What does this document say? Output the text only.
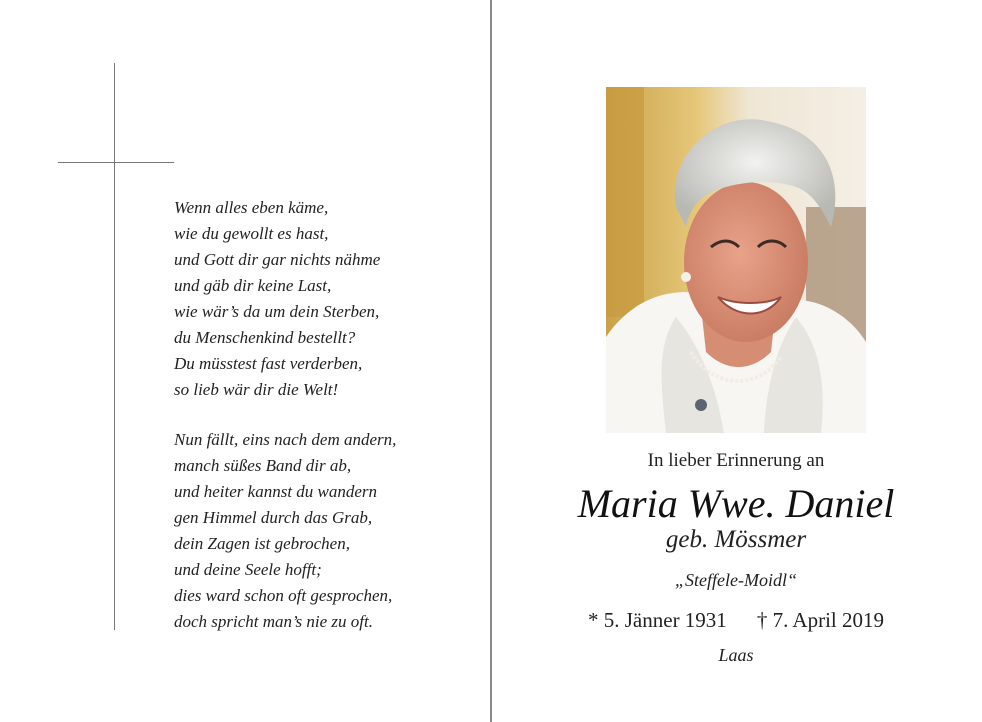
Wenn alles eben käme,
wie du gewollt es hast,
und Gott dir gar nichts nähme
und gäb dir keine Last,
wie wär’s da um dein Sterben,
du Menschenkind bestellt?
Du müsstest fast verderben,
so lieb wär dir die Welt!
Nun fällt, eins nach dem andern,
manch süßes Band dir ab,
und heiter kannst du wandern
gen Himmel durch das Grab,
dein Zagen ist gebrochen,
und deine Seele hofft;
dies ward schon oft gesprochen,
doch spricht man’s nie zu oft.
In lieber Erinnerung an
Maria Wwe. Daniel
geb. Mössmer
„Steffele-Moidl“
* 5. Jänner 1931 † 7. April 2019
Laas
